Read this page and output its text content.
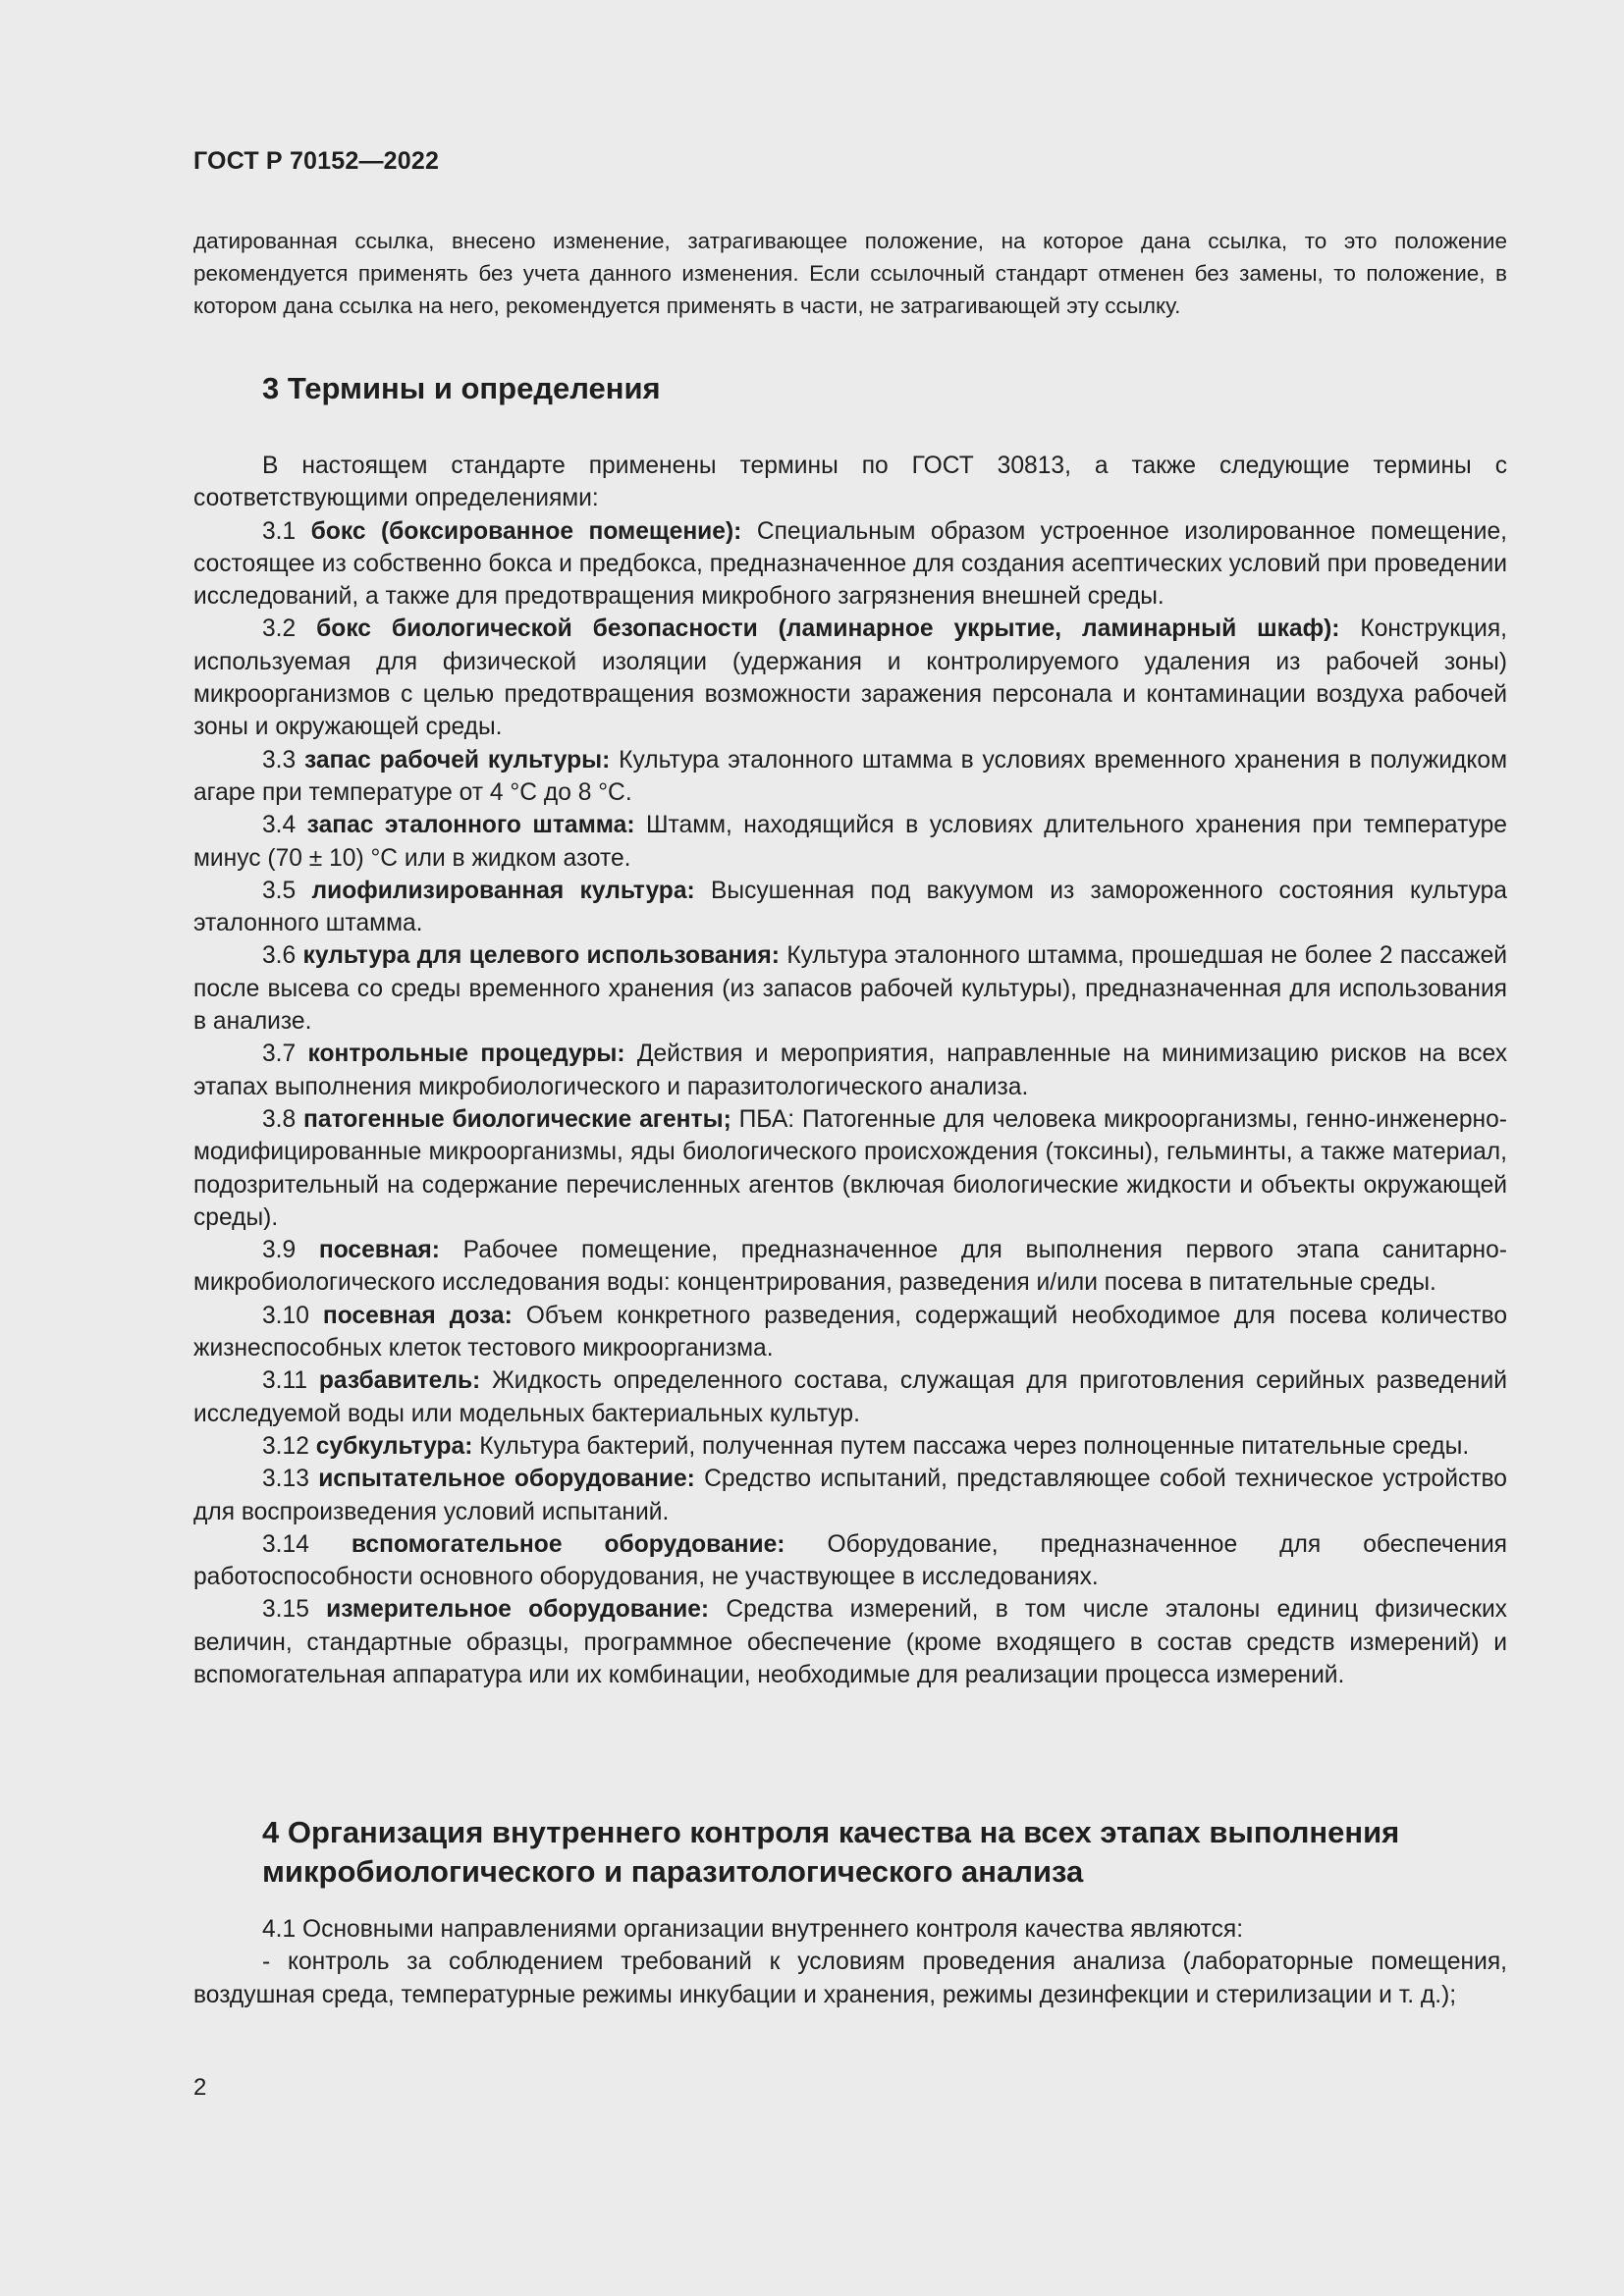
ГОСТ Р 70152—2022
датированная ссылка, внесено изменение, затрагивающее положение, на которое дана ссылка, то это положение рекомендуется применять без учета данного изменения. Если ссылочный стандарт отменен без замены, то положение, в котором дана ссылка на него, рекомендуется применять в части, не затрагивающей эту ссылку.
3 Термины и определения

В настоящем стандарте применены термины по ГОСТ 30813, а также следующие термины с соответствующими определениями:

3.1 бокс (боксированное помещение): Специальным образом устроенное изолированное помещение, состоящее из собственно бокса и предбокса, предназначенное для создания асептических условий при проведении исследований, а также для предотвращения микробного загрязнения внешней среды.

3.2 бокс биологической безопасности (ламинарное укрытие, ламинарный шкаф): Конструкция, используемая для физической изоляции (удержания и контролируемого удаления из рабочей зоны) микроорганизмов с целью предотвращения возможности заражения персонала и контаминации воздуха рабочей зоны и окружающей среды.

3.3 запас рабочей культуры: Культура эталонного штамма в условиях временного хранения в полужидком агаре при температуре от 4 °C до 8 °C.

3.4 запас эталонного штамма: Штамм, находящийся в условиях длительного хранения при температуре минус (70 ± 10) °C или в жидком азоте.

3.5 лиофилизированная культура: Высушенная под вакуумом из замороженного состояния культура эталонного штамма.

3.6 культура для целевого использования: Культура эталонного штамма, прошедшая не более 2 пассажей после высева со среды временного хранения (из запасов рабочей культуры), предназначенная для использования в анализе.

3.7 контрольные процедуры: Действия и мероприятия, направленные на минимизацию рисков на всех этапах выполнения микробиологического и паразитологического анализа.

3.8 патогенные биологические агенты; ПБА: Патогенные для человека микроорганизмы, генно-инженерно-модифицированные микроорганизмы, яды биологического происхождения (токсины), гельминты, а также материал, подозрительный на содержание перечисленных агентов (включая биологические жидкости и объекты окружающей среды).

3.9 посевная: Рабочее помещение, предназначенное для выполнения первого этапа санитарно-микробиологического исследования воды: концентрирования, разведения и/или посева в питательные среды.

3.10 посевная доза: Объем конкретного разведения, содержащий необходимое для посева количество жизнеспособных клеток тестового микроорганизма.

3.11 разбавитель: Жидкость определенного состава, служащая для приготовления серийных разведений исследуемой воды или модельных бактериальных культур.

3.12 субкультура: Культура бактерий, полученная путем пассажа через полноценные питательные среды.

3.13 испытательное оборудование: Средство испытаний, представляющее собой техническое устройство для воспроизведения условий испытаний.

3.14 вспомогательное оборудование: Оборудование, предназначенное для обеспечения работоспособности основного оборудования, не участвующее в исследованиях.

3.15 измерительное оборудование: Средства измерений, в том числе эталоны единиц физических величин, стандартные образцы, программное обеспечение (кроме входящего в состав средств измерений) и вспомогательная аппаратура или их комбинации, необходимые для реализации процесса измерений.

4 Организация внутреннего контроля качества на всех этапах выполнения
микробиологического и паразитологического анализа

4.1 Основными направлениями организации внутреннего контроля качества являются:

- контроль за соблюдением требований к условиям проведения анализа (лабораторные помещения, воздушная среда, температурные режимы инкубации и хранения, режимы дезинфекции и стерилизации и т. д.);

2
